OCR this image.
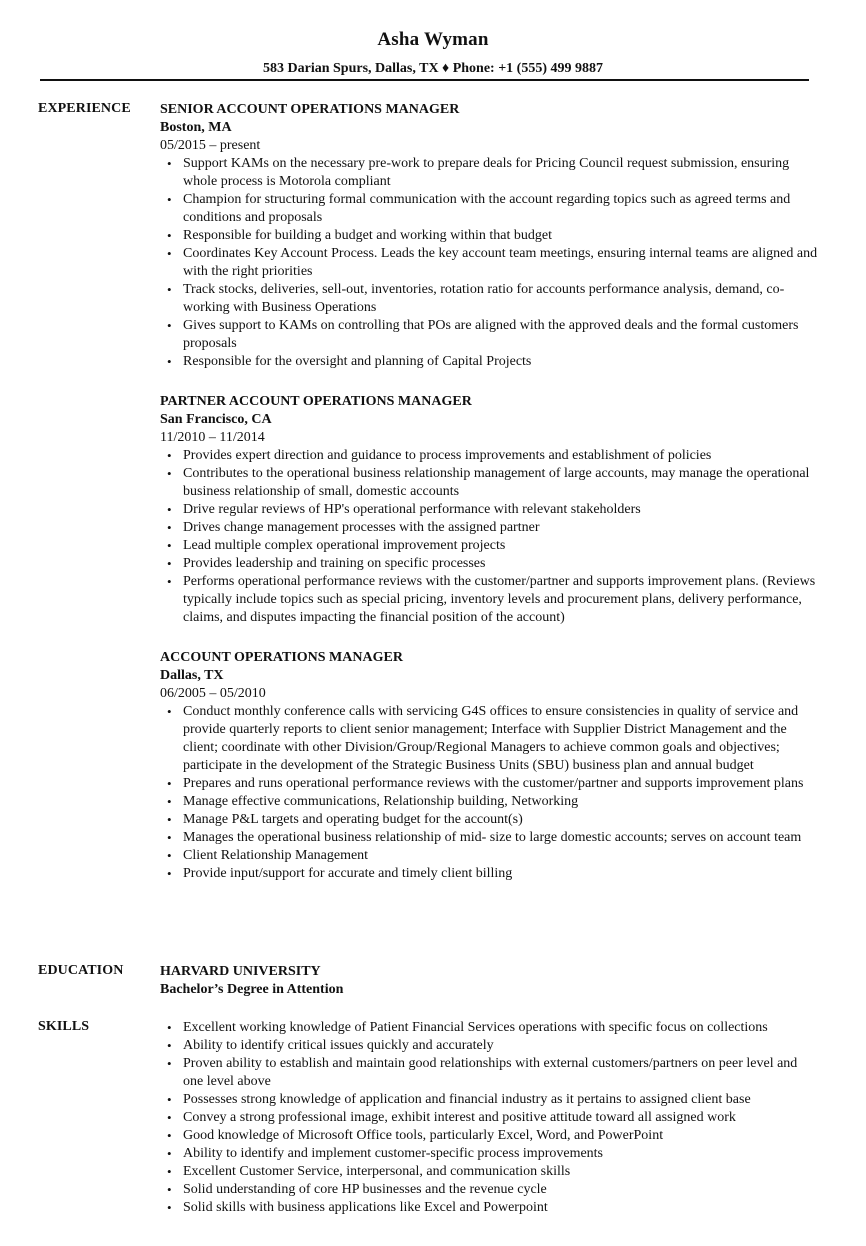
Asha Wyman
583 Darian Spurs, Dallas, TX ♦ Phone: +1 (555) 499 9887
EXPERIENCE SENIOR ACCOUNT OPERATIONS MANAGER
Boston, MA
05/2015 – present
• Support KAMs on the necessary pre-work to prepare deals for Pricing Council request submission, ensuring whole process is Motorola compliant
• Champion for structuring formal communication with the account regarding topics such as agreed terms and conditions and proposals
• Responsible for building a budget and working within that budget
• Coordinates Key Account Process. Leads the key account team meetings, ensuring internal teams are aligned and with the right priorities
• Track stocks, deliveries, sell-out, inventories, rotation ratio for accounts performance analysis, demand, co-working with Business Operations
• Gives support to KAMs on controlling that POs are aligned with the approved deals and the formal customers proposals
• Responsible for the oversight and planning of Capital Projects
PARTNER ACCOUNT OPERATIONS MANAGER
San Francisco, CA
11/2010 – 11/2014
• Provides expert direction and guidance to process improvements and establishment of policies
• Contributes to the operational business relationship management of large accounts, may manage the operational business relationship of small, domestic accounts
• Drive regular reviews of HP's operational performance with relevant stakeholders
• Drives change management processes with the assigned partner
• Lead multiple complex operational improvement projects
• Provides leadership and training on specific processes
• Performs operational performance reviews with the customer/partner and supports improvement plans. (Reviews typically include topics such as special pricing, inventory levels and procurement plans, delivery performance, claims, and disputes impacting the financial position of the account)
ACCOUNT OPERATIONS MANAGER
Dallas, TX
06/2005 – 05/2010
• Conduct monthly conference calls with servicing G4S offices to ensure consistencies in quality of service and provide quarterly reports to client senior management; Interface with Supplier District Management and the client; coordinate with other Division/Group/Regional Managers to achieve common goals and objectives; participate in the development of the Strategic Business Units (SBU) business plan and annual budget
• Prepares and runs operational performance reviews with the customer/partner and supports improvement plans
• Manage effective communications, Relationship building, Networking
• Manage P&L targets and operating budget for the account(s)
• Manages the operational business relationship of mid- size to large domestic accounts; serves on account team
• Client Relationship Management
• Provide input/support for accurate and timely client billing
EDUCATION	HARVARD UNIVERSITY
Bachelor’s Degree in Attention
SKILLS
•	Excellent working knowledge of Patient Financial Services operations with specific focus on collections
• Ability to identify critical issues quickly and accurately
• Proven ability to establish and maintain good relationships with external customers/partners on peer level and one level above
• Possesses strong knowledge of application and financial industry as it pertains to assigned client base
• Convey a strong professional image, exhibit interest and positive attitude toward all assigned work
• Good knowledge of Microsoft Office tools, particularly Excel, Word, and PowerPoint
• Ability to identify and implement customer-specific process improvements
• Excellent Customer Service, interpersonal, and communication skills
• Solid understanding of core HP businesses and the revenue cycle
• Solid skills with business applications like Excel and Powerpoint
